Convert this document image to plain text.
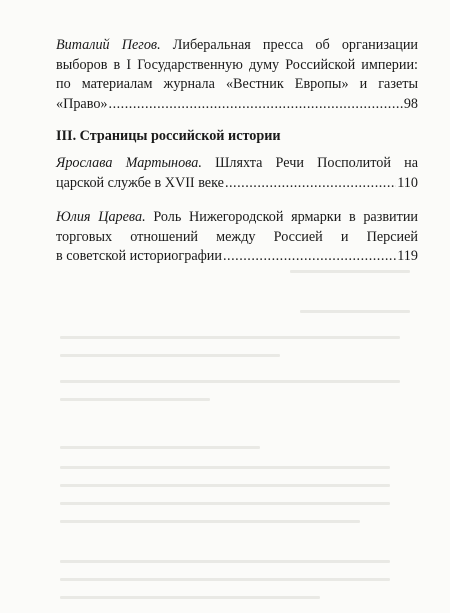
Виталий Пегов. Либеральная пресса об организации
выборов в I Государственную думу Российской империи:
по материалам журнала «Вестник Европы» и газеты
«Право» .....	98
III. Страницы российской истории
Ярослава Мартынова. Шляхта Речи Посполитой на
царской службе в XVII веке .....	110
Юлия Царева. Роль Нижегородской ярмарки в развитии
торговых отношений между Россией и Персией
в советской историографии .....	119
